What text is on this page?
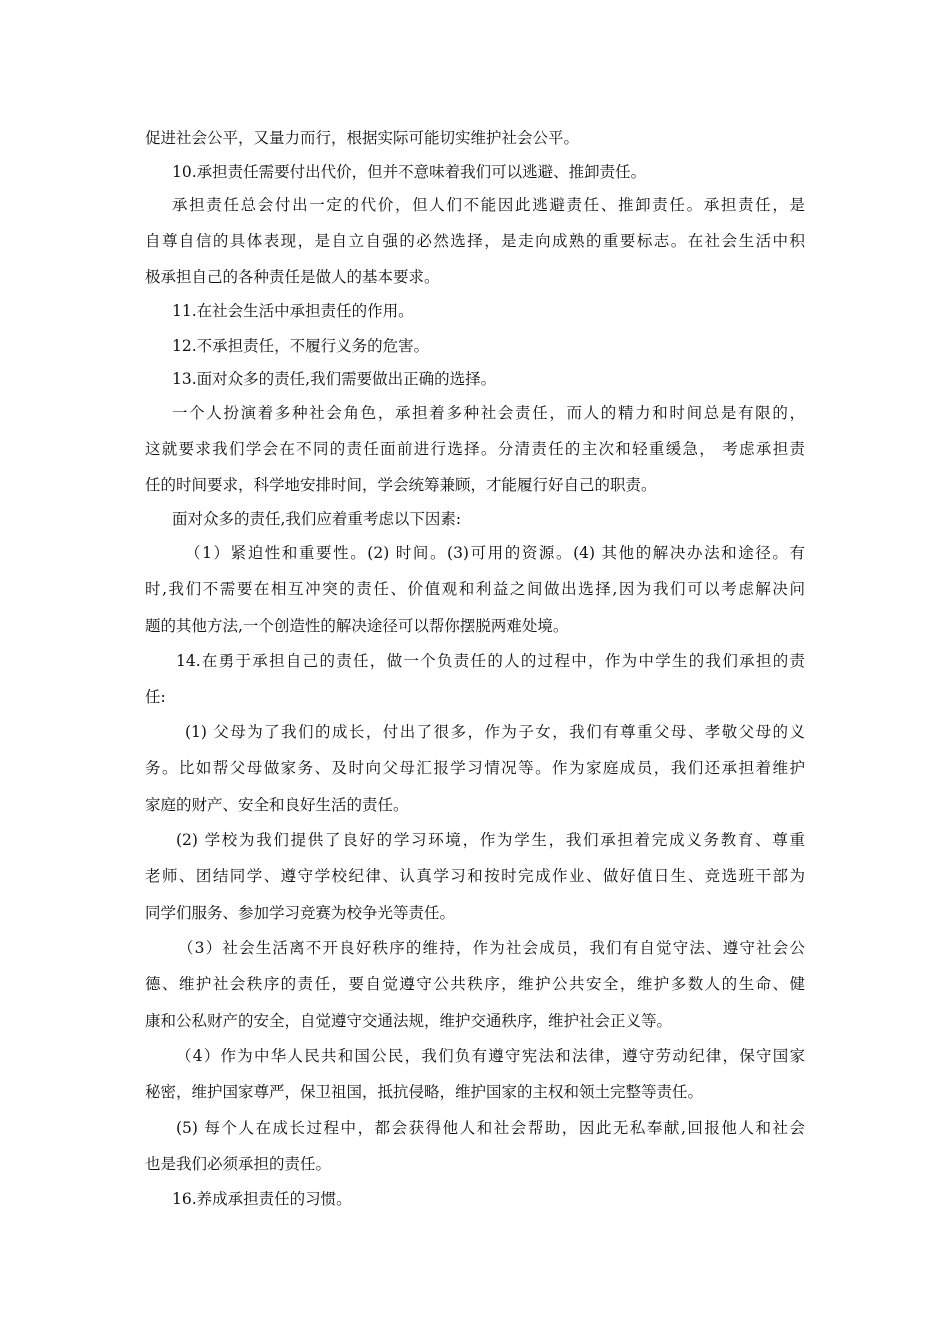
促进社会公平，又量力而行，根据实际可能切实维护社会公平。
10.承担责任需要付出代价，但并不意味着我们可以逃避、推卸责任。
承担责任总会付出一定的代价，但人们不能因此逃避责任、推卸责任。承担责任，是
自尊自信的具体表现，是自立自强的必然选择，是走向成熟的重要标志。在社会生活中积
极承担自己的各种责任是做人的基本要求。
11.在社会生活中承担责任的作用。
12.不承担责任，不履行义务的危害。
13.面对众多的责任,我们需要做出正确的选择。
一个人扮演着多种社会角色，承担着多种社会责任，而人的精力和时间总是有限的，
这就要求我们学会在不同的责任面前进行选择。分清责任的主次和轻重缓急， 考虑承担责
任的时间要求，科学地安排时间，学会统筹兼顾，才能履行好自己的职责。
面对众多的责任,我们应着重考虑以下因素:
（1）紧迫性和重要性。(2) 时间。(3)可用的资源。(4) 其他的解决办法和途径。有
时,我们不需要在相互冲突的责任、价值观和利益之间做出选择,因为我们可以考虑解决问
题的其他方法,一个创造性的解决途径可以帮你摆脱两难处境。
14.在勇于承担自己的责任，做一个负责任的人的过程中，作为中学生的我们承担的责
任:
(1) 父母为了我们的成长，付出了很多，作为子女，我们有尊重父母、孝敬父母的义
务。比如帮父母做家务、及时向父母汇报学习情况等。作为家庭成员，我们还承担着维护
家庭的财产、安全和良好生活的责任。
(2) 学校为我们提供了良好的学习环境，作为学生，我们承担着完成义务教育、尊重
老师、团结同学、遵守学校纪律、认真学习和按时完成作业、做好值日生、竞选班干部为
同学们服务、参加学习竞赛为校争光等责任。
（3）社会生活离不开良好秩序的维持，作为社会成员，我们有自觉守法、遵守社会公
德、维护社会秩序的责任，要自觉遵守公共秩序，维护公共安全，维护多数人的生命、健
康和公私财产的安全，自觉遵守交通法规，维护交通秩序，维护社会正义等。
（4）作为中华人民共和国公民，我们负有遵守宪法和法律，遵守劳动纪律，保守国家
秘密，维护国家尊严，保卫祖国，抵抗侵略，维护国家的主权和领土完整等责任。
(5) 每个人在成长过程中，都会获得他人和社会帮助，因此无私奉献,回报他人和社会
也是我们必须承担的责任。
16.养成承担责任的习惯。
